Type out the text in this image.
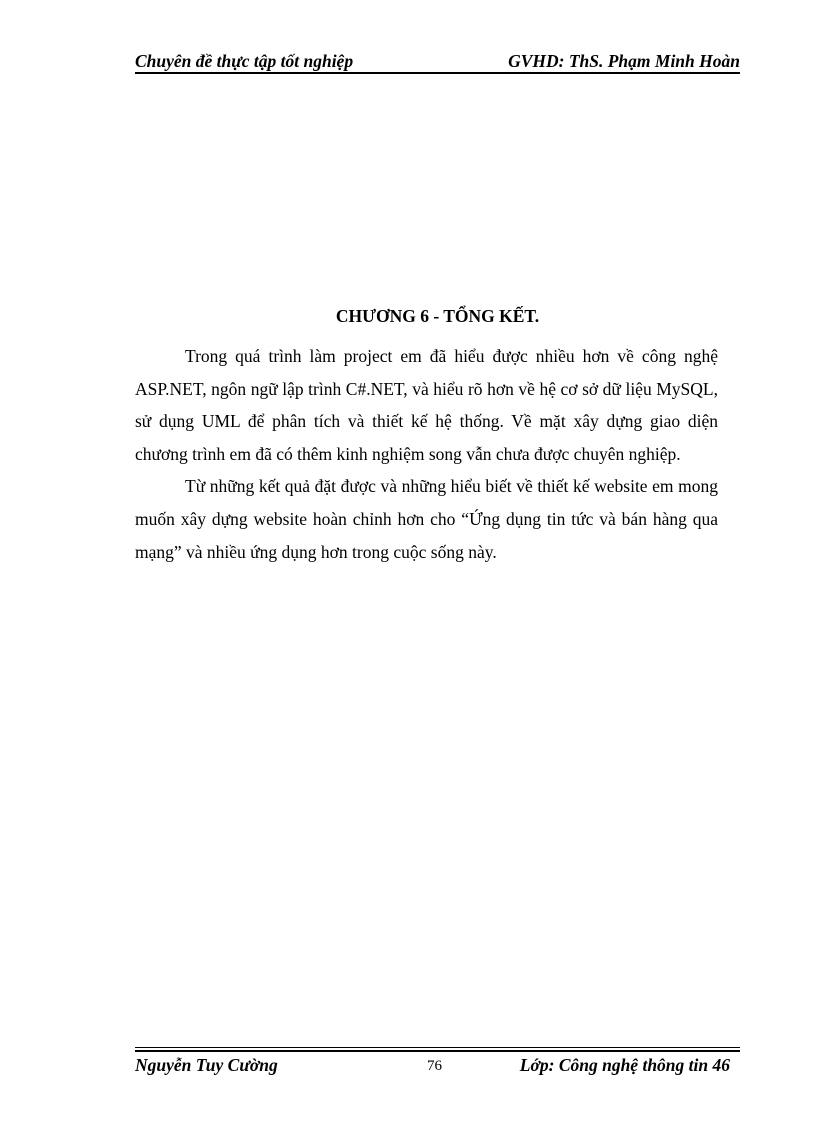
Chuyên đề thực tập tốt nghiệp	GVHD: ThS. Phạm Minh Hoàn
CHƯƠNG 6 - TỔNG KẾT.

Trong quá trình làm project em đã hiểu được nhiều hơn về công nghệ ASP.NET, ngôn ngữ lập trình C#.NET, và hiểu rõ hơn về hệ cơ sở dữ liệu MySQL, sử dụng UML để phân tích và thiết kế hệ thống. Về mặt xây dựng giao diện chương trình em đã có thêm kinh nghiệm song vẫn chưa được chuyên nghiệp.

Từ những kết quả đặt được và những hiểu biết về thiết kế website em mong muốn xây dựng website hoàn chỉnh hơn cho “Ứng dụng tin tức và bán hàng qua mạng” và nhiều ứng dụng hơn trong cuộc sống này.

Nguyễn Tuy Cường	76	Lớp: Công nghệ thông tin 46
